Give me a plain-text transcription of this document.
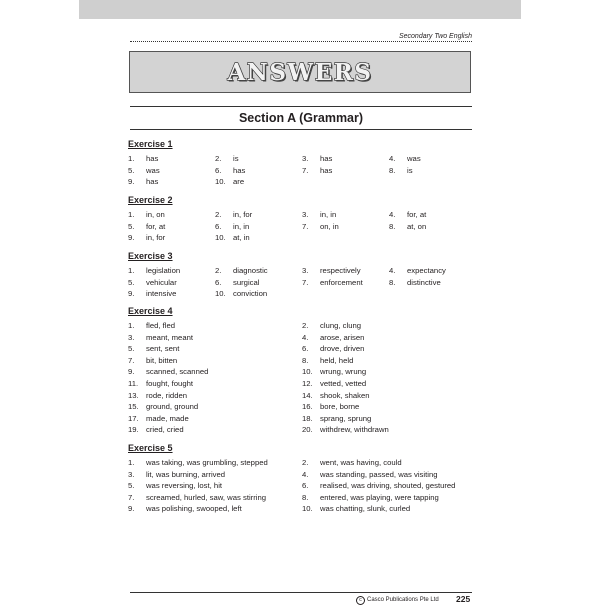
Secondary Two English
ANSWERS
Section A (Grammar)
Exercise 1
1.	has	2.	is	3.	has	4.	was
5.	was	6.	has	7.	has	8.	is
9.	has	10. are
Exercise 2
1.	in, on	2.	in, for	3.	in, in	4.	for, at
5.	for, at	6.	in, in	7.	on, in	8.	at, on
9.	in, for	10. at, in
Exercise 3
1.	legislation	2.	diagnostic	3.	respectively	4.	expectancy
5.	vehicular	6.	surgical	7.	enforcement	8.	distinctive
9.	intensive	10. conviction
Exercise 4
1.	fled, fled	2.	clung, clung
3.	meant, meant	4.	arose, arisen
5.	sent, sent	6.	drove, driven
7.	bit, bitten	8.	held, held
9.	scanned, scanned	10. wrung, wrung
11.	fought, fought	12. vetted, vetted
13. rode, ridden	14. shook, shaken
15. ground, ground	16. bore, borne
17. made, made	18. sprang, sprung
19. cried, cried	20. withdrew, withdrawn
Exercise 5
1.	was taking, was grumbling, stepped	2.	went, was having, could
3.	lit, was burning, arrived	4.	was standing, passed, was visiting
5.	was reversing, lost, hit	6.	realised, was driving, shouted, gestured
7.	screamed, hurled, saw, was stirring	8.	entered, was playing, were tapping
9.	was polishing, swooped, left	10. was chatting, slunk, curled
c Casco Publications Pte Ltd 225
